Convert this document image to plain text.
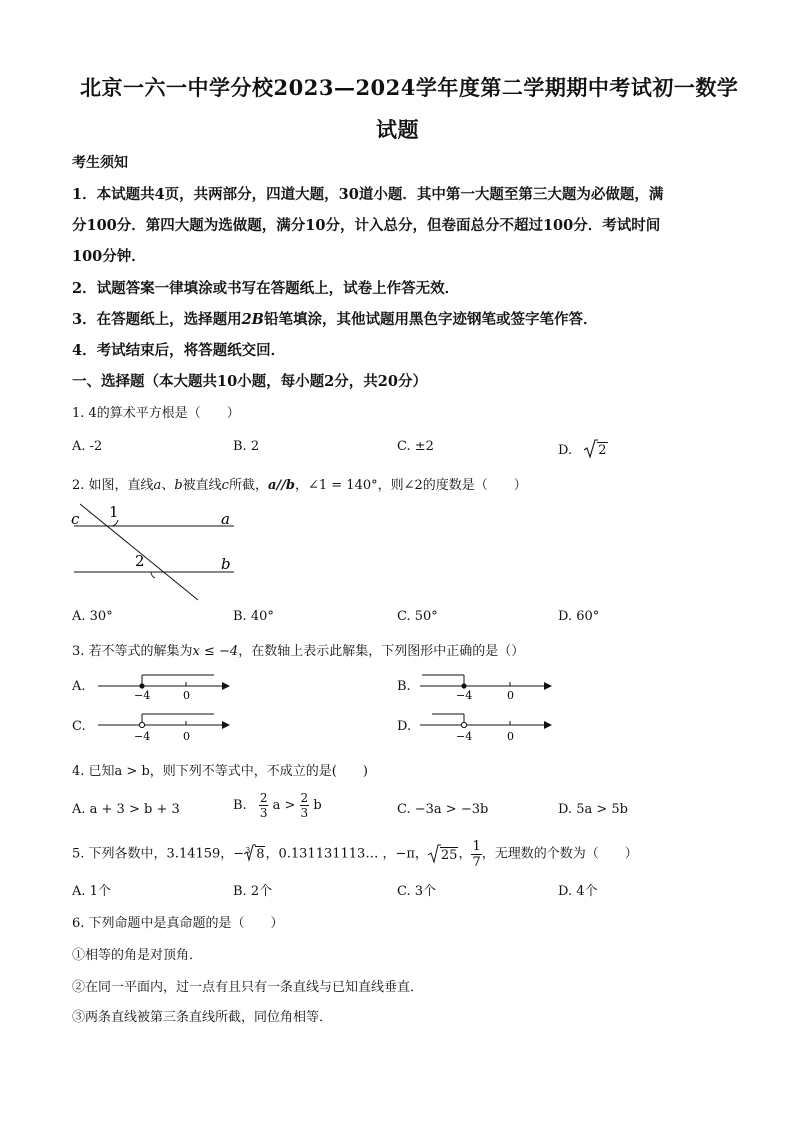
北京一六一中学分校2023—2024学年度第二学期期中考试初一数学
试题
考生须知
1．本试题共4页，共两部分，四道大题，30道小题．其中第一大题至第三大题为必做题，满
分100分．第四大题为选做题，满分10分，计入总分，但卷面总分不超过100分．考试时间
100分钟．
2．试题答案一律填涂或书写在答题纸上，试卷上作答无效．
3．在答题纸上，选择题用2B铅笔填涂，其他试题用黑色字迹钢笔或签字笔作答．
4．考试结束后，将答题纸交回．
一、选择题（本大题共10小题，每小题2分，共20分）
1. 4的算术平方根是（　　）
A. -2	B. 2	C. ±2	D. 2
2. 如图，直线a、b被直线c所截，a//b，∠1 = 140°，则∠2的度数是（　　）
c 1	a
2	b
A. 30°	B. 40°	C. 50°	D. 60°
3. 若不等式的解集为x ≤ −4，在数轴上表示此解集，下列图形中正确的是（）
A.
−4	0
B.
−4	0
C.
−4	0
D.
−4	0
4. 已知a > b，则下列不等式中，不成立的是(　　)
A. a + 3 > b + 3	B. $\frac{2}{3}$ $a > \frac{2}{3}$ b	C. −3a > −3b	D. 5a > 5b
5. 下列各数中，3.14159，− 3 8，0.131131113… ，−π， 25， $\frac{1}{7}$ ，无理数的个数为（　　）
A. 1个	B. 2个	C. 3个	D. 4个
6. 下列命题中是真命题的是（　　）
①相等的角是对顶角．
②在同一平面内，过一点有且只有一条直线与已知直线垂直．
③两条直线被第三条直线所截，同位角相等．
